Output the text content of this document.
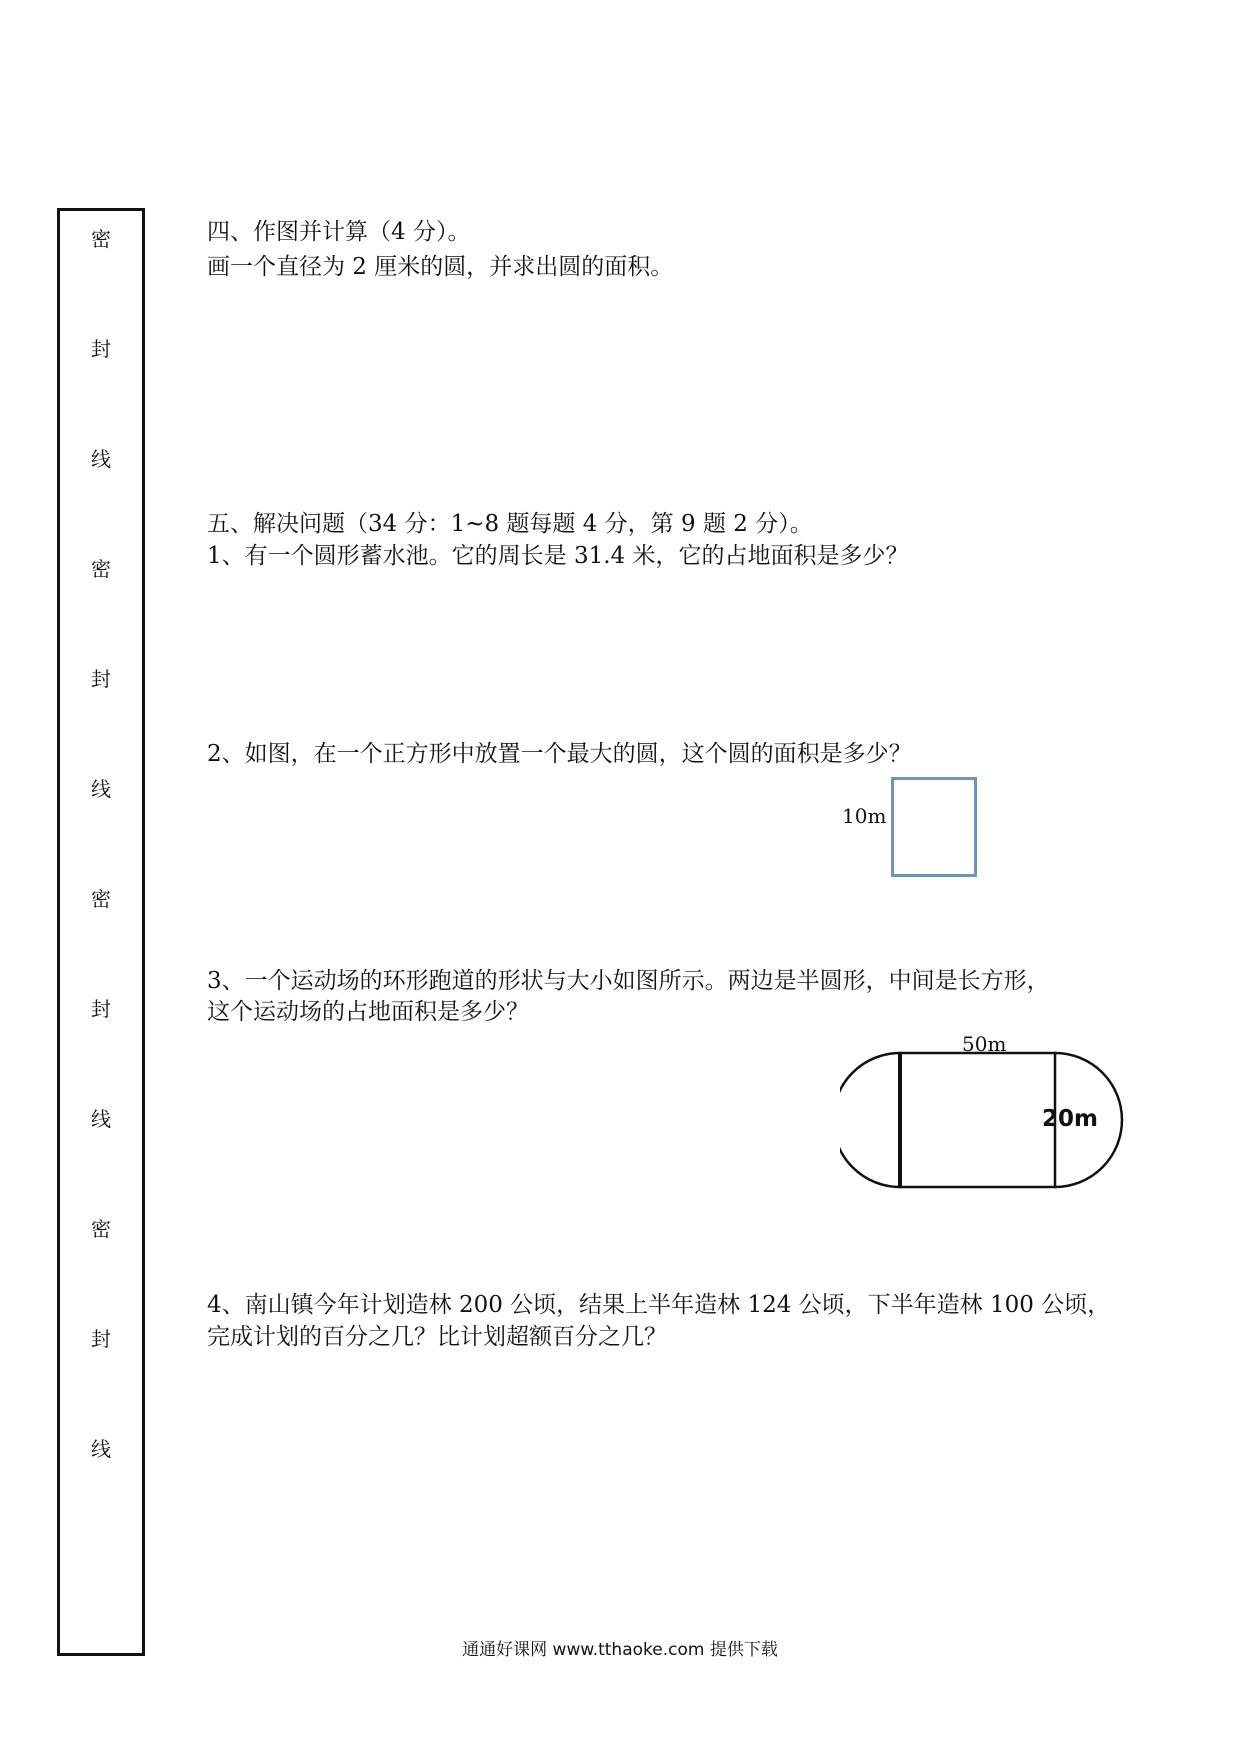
密
封
线
密
封
线
密
封
线
密
封
线
四、作图并计算（4 分）。
画一个直径为 2 厘米的圆，并求出圆的面积。
五、解决问题（34 分：1~8 题每题 4 分，第 9 题 2 分）。
1、有一个圆形蓄水池。它的周长是 31.4 米，它的占地面积是多少？
2、如图，在一个正方形中放置一个最大的圆，这个圆的面积是多少？
10m
3、一个运动场的环形跑道的形状与大小如图所示。两边是半圆形，中间是长方形，
这个运动场的占地面积是多少？
50m
20m
4、南山镇今年计划造林 200 公顷，结果上半年造林 124 公顷，下半年造林 100 公顷，
完成计划的百分之几？比计划超额百分之几？
通通好课网 www.tthaoke.com 提供下载
